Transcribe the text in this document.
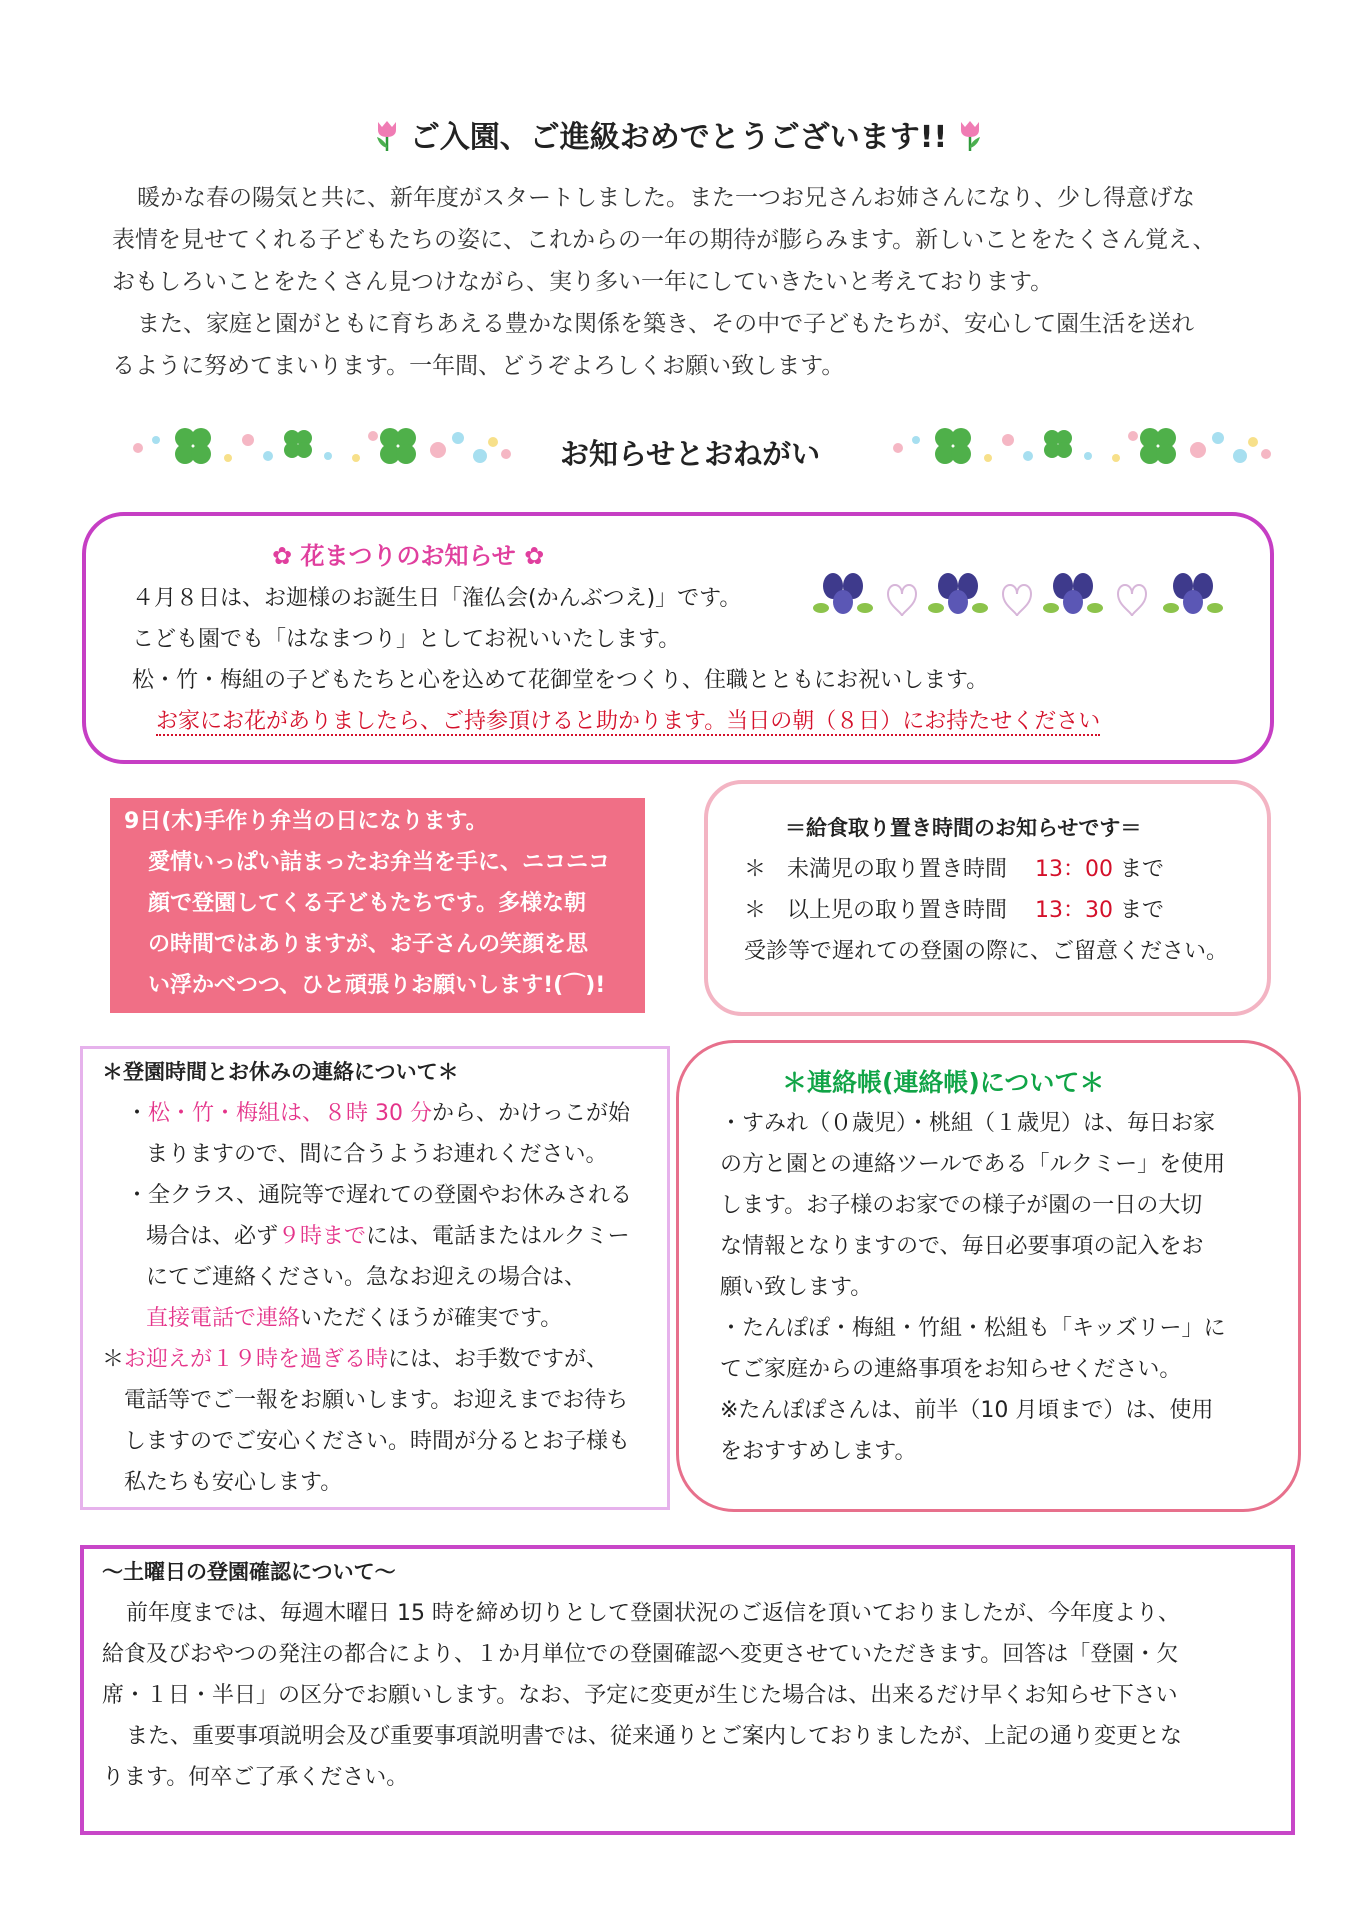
ご入園、ご進級おめでとうございます!!
暖かな春の陽気と共に、新年度がスタートしました。また一つお兄さんお姉さんになり、少し得意げな
表情を見せてくれる子どもたちの姿に、これからの一年の期待が膨らみます。新しいことをたくさん覚え、
おもしろいことをたくさん見つけながら、実り多い一年にしていきたいと考えております。
また、家庭と園がともに育ちあえる豊かな関係を築き、その中で子どもたちが、安心して園生活を送れ
るように努めてまいります。一年間、どうぞよろしくお願い致します。
お知らせとおねがい
✿ 花まつりのお知らせ ✿
４月８日は、お迦様のお誕生日「潅仏会(かんぶつえ)」です。
こども園でも「はなまつり」としてお祝いいたします。
松・竹・梅組の子どもたちと心を込めて花御堂をつくり、住職とともにお祝いします。
お家にお花がありましたら、ご持参頂けると助かります。当日の朝（８日）にお持たせください
9日(木)手作り弁当の日になります。
愛情いっぱい詰まったお弁当を手に、ニコニコ
顔で登園してくる子どもたちです。多様な朝
の時間ではありますが、お子さんの笑顔を思
い浮かべつつ、ひと頑張りお願いします!(⌒)!
＝給食取り置き時間のお知らせです＝
＊ 未満児の取り置き時間 13：00 まで
＊ 以上児の取り置き時間 13：30 まで
受診等で遅れての登園の際に、ご留意ください。
＊登園時間とお休みの連絡について＊
・松・竹・梅組は、８時 30 分から、かけっこが始
まりますので、間に合うようお連れください。
・全クラス、通院等で遅れての登園やお休みされる
場合は、必ず９時までには、電話またはルクミー
にてご連絡ください。急なお迎えの場合は、
直接電話で連絡いただくほうが確実です。
＊お迎えが１９時を過ぎる時には、お手数ですが、
電話等でご一報をお願いします。お迎えまでお待ち
しますのでご安心ください。時間が分るとお子様も
私たちも安心します。
＊連絡帳(連絡帳)について＊
・すみれ（０歳児）・桃組（１歳児）は、毎日お家
の方と園との連絡ツールである「ルクミー」を使用
します。お子様のお家での様子が園の一日の大切
な情報となりますので、毎日必要事項の記入をお
願い致します。
・たんぽぽ・梅組・竹組・松組も「キッズリー」に
てご家庭からの連絡事項をお知らせください。
※たんぽぽさんは、前半（10 月頃まで）は、使用
をおすすめします。
～土曜日の登園確認について～
前年度までは、毎週木曜日 15 時を締め切りとして登園状況のご返信を頂いておりましたが、今年度より、
給食及びおやつの発注の都合により、１か月単位での登園確認へ変更させていただきます。回答は「登園・欠
席・１日・半日」の区分でお願いします。なお、予定に変更が生じた場合は、出来るだけ早くお知らせ下さい
また、重要事項説明会及び重要事項説明書では、従来通りとご案内しておりましたが、上記の通り変更とな
ります。何卒ご了承ください。
